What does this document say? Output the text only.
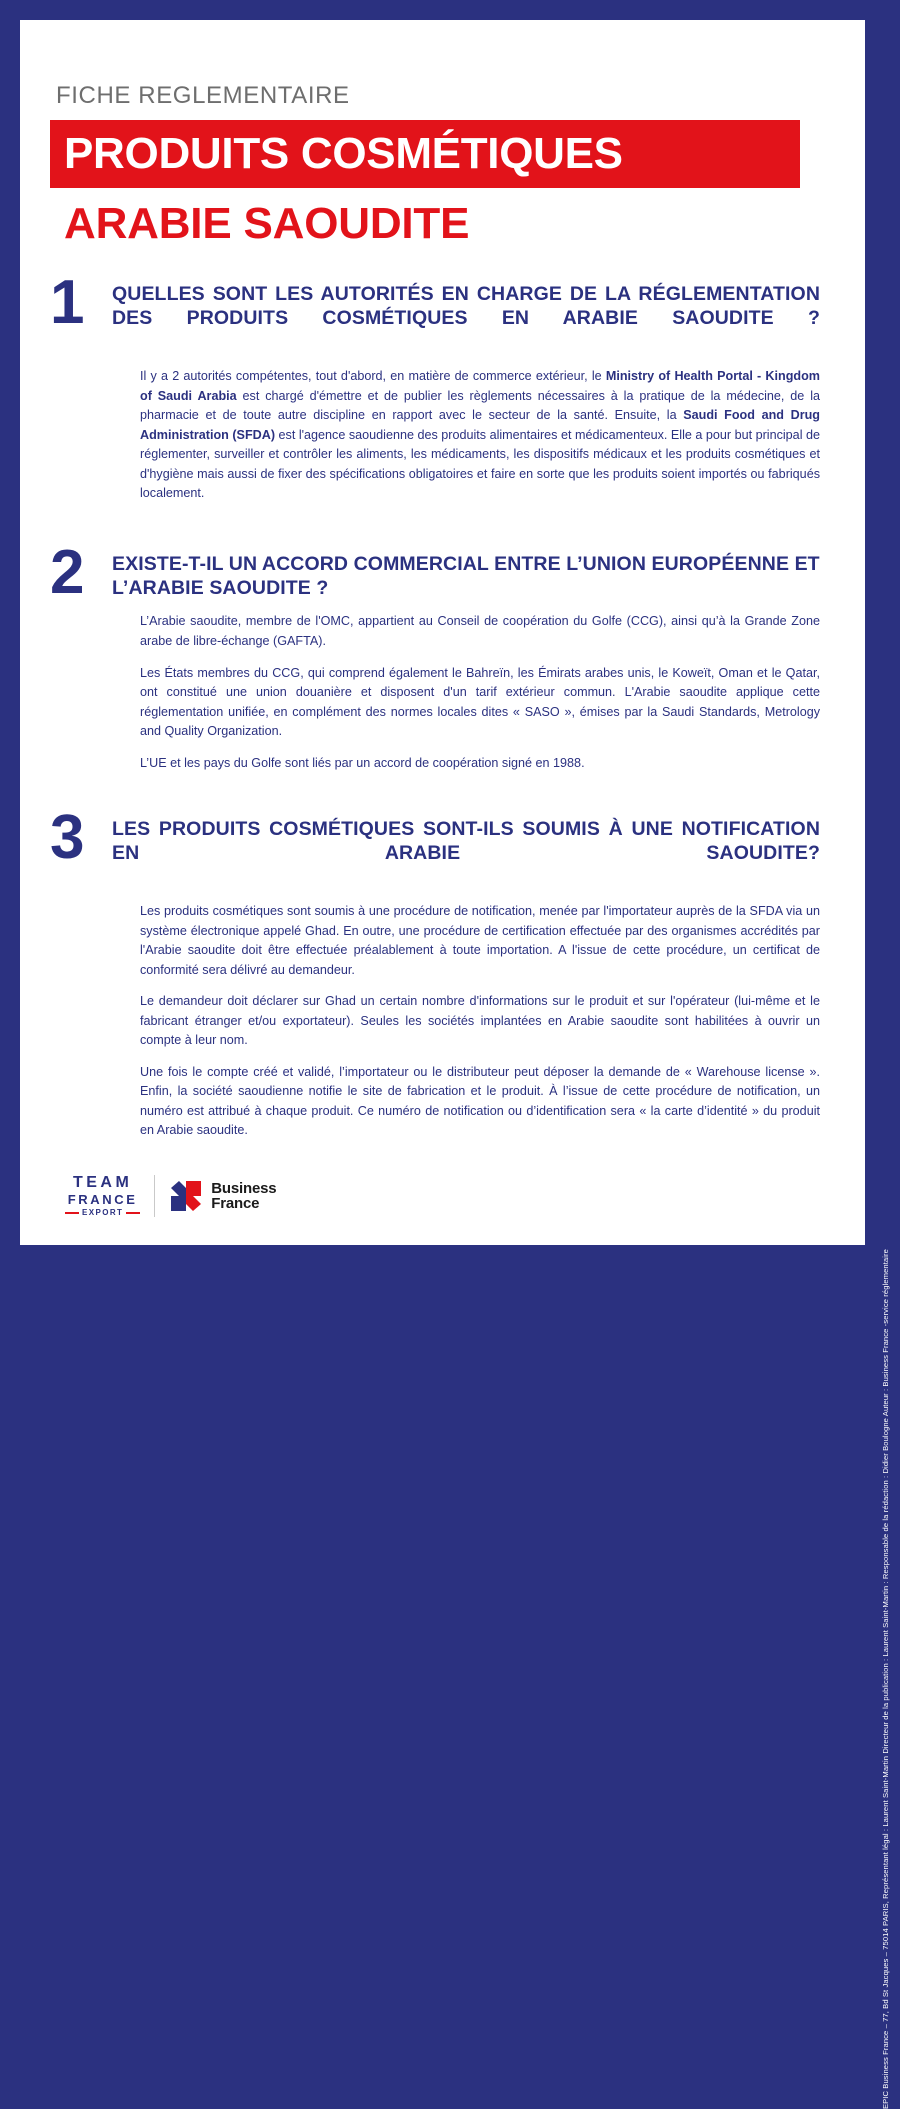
FICHE REGLEMENTAIRE
PRODUITS COSMÉTIQUES
ARABIE SAOUDITE
1	QUELLES SONT LES AUTORITÉS EN CHARGE DE LA RÉGLEMENTATION DES PRODUITS COSMÉTIQUES EN ARABIE SAOUDITE ?

Il y a 2 autorités compétentes, tout d'abord, en matière de commerce extérieur, le Ministry of Health Portal - Kingdom of Saudi Arabia est chargé d'émettre et de publier les règlements nécessaires à la pratique de la médecine, de la pharmacie et de toute autre discipline en rapport avec le secteur de la santé. Ensuite, la Saudi Food and Drug Administration (SFDA) est l'agence saoudienne des produits alimentaires et médicamenteux. Elle a pour but principal de réglementer, surveiller et contrôler les aliments, les médicaments, les dispositifs médicaux et les produits cosmétiques et d'hygiène mais aussi de fixer des spécifications obligatoires et faire en sorte que les produits soient importés ou fabriqués localement.

2	EXISTE-T-IL UN ACCORD COMMERCIAL ENTRE L’UNION EUROPÉENNE ET L’ARABIE SAOUDITE ?

L’Arabie saoudite, membre de l'OMC, appartient au Conseil de coopération du Golfe (CCG), ainsi qu’à la Grande Zone arabe de libre-échange (GAFTA).

Les États membres du CCG, qui comprend également le Bahreïn, les Émirats arabes unis, le Koweït, Oman et le Qatar, ont constitué une union douanière et disposent d'un tarif extérieur commun. L'Arabie saoudite applique cette réglementation unifiée, en complément des normes locales dites « SASO », émises par la Saudi Standards, Metrology and Quality Organization.

L’UE et les pays du Golfe sont liés par un accord de coopération signé en 1988.

3	LES PRODUITS COSMÉTIQUES SONT-ILS SOUMIS À UNE NOTIFICATION EN ARABIE SAOUDITE?

Les produits cosmétiques sont soumis à une procédure de notification, menée par l'importateur auprès de la SFDA via un système électronique appelé Ghad. En outre, une procédure de certification effectuée par des organismes accrédités par l'Arabie saoudite doit être effectuée préalablement à toute importation. A l'issue de cette procédure, un certificat de conformité sera délivré au demandeur.

Le demandeur doit déclarer sur Ghad un certain nombre d'informations sur le produit et sur l'opérateur (lui-même et le fabricant étranger et/ou exportateur). Seules les sociétés implantées en Arabie saoudite sont habilitées à ouvrir un compte à leur nom.

Une fois le compte créé et validé, l’importateur ou le distributeur peut déposer la demande de « Warehouse license ». Enfin, la société saoudienne notifie le site de fabrication et le produit. À l’issue de cette procédure de notification, un numéro est attribué à chaque produit. Ce numéro de notification ou d’identification sera « la carte d’identité » du produit en Arabie saoudite.

TEAM
FRANCE
EXPORT
Business
France
EPIC Business France – 77, Bd St Jacques – 75014 PARIS, Représentant légal : Laurent Saint-Martin Directeur de la publication : Laurent Saint-Martin : Responsable de la rédaction : Didier Boulogne Auteur : Business France -service réglementaire
